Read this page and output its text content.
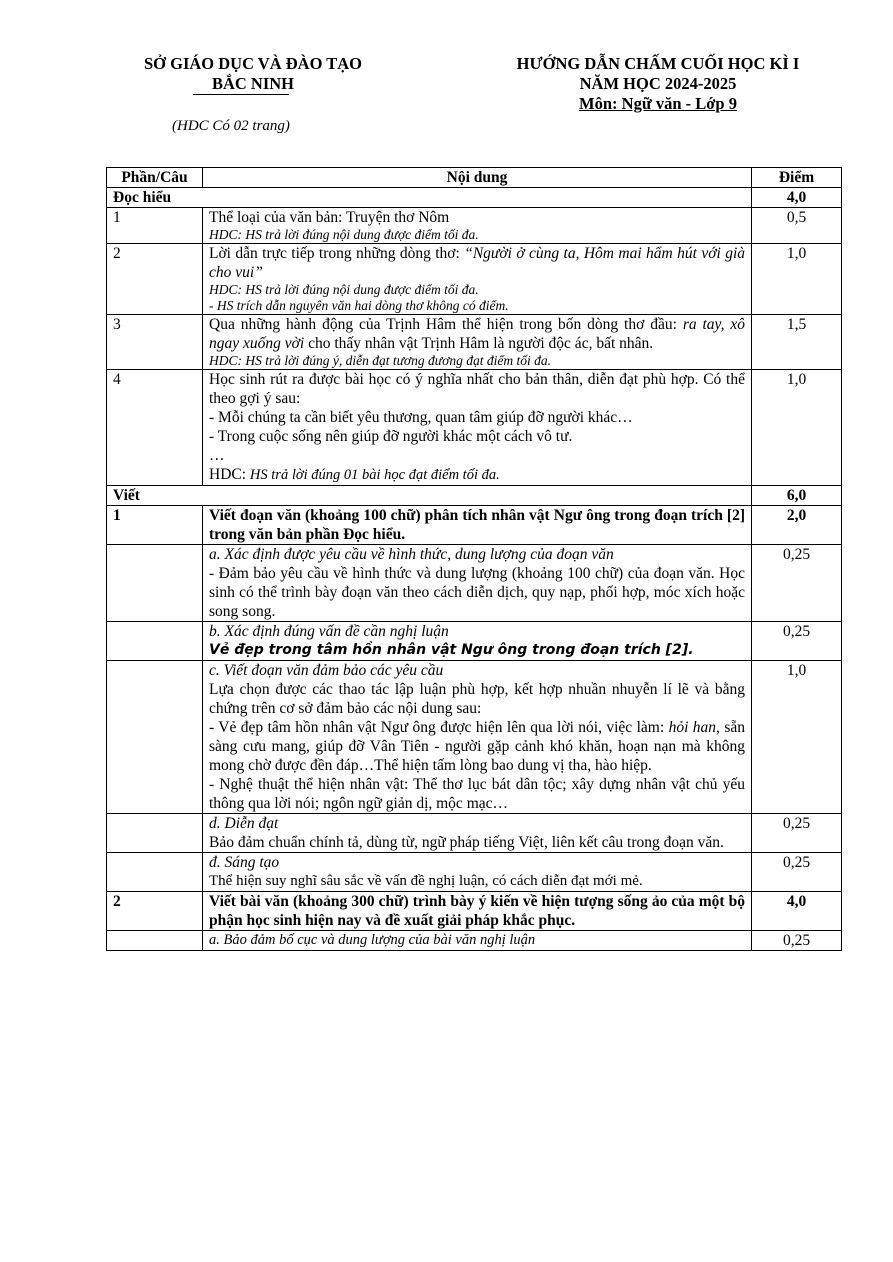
SỞ GIÁO DỤC VÀ ĐÀO TẠO
BẮC NINH
(HDC Có 02 trang)
HƯỚNG DẪN CHẤM CUỐI HỌC KÌ I
NĂM HỌC 2024-2025
Môn: Ngữ văn - Lớp 9
Phần/Câu	Nội dung	Điểm
Đọc hiểu		4,0
1	Thể loại của văn bản: Truyện thơ Nôm
HDC: HS trả lời đúng nội dung được điểm tối đa.	0,5
2	Lời dẫn trực tiếp trong những dòng thơ: “Người ở cùng ta, Hôm mai hẩm hút với già cho vui”
HDC: HS trả lời đúng nội dung được điểm tối đa.
- HS trích dẫn nguyên văn hai dòng thơ không có điểm.	1,0
3	Qua những hành động của Trịnh Hâm thể hiện trong bốn dòng thơ đầu: ra tay, xô ngay xuống vời cho thấy nhân vật Trịnh Hâm là người độc ác, bất nhân.
HDC: HS trả lời đúng ý, diễn đạt tương đương đạt điểm tối đa.	1,5
4	Học sinh rút ra được bài học có ý nghĩa nhất cho bản thân, diễn đạt phù hợp. Có thể theo gợi ý sau:
- Mỗi chúng ta cần biết yêu thương, quan tâm giúp đỡ người khác…
- Trong cuộc sống nên giúp đỡ người khác một cách vô tư.
…
HDC: HS trả lời đúng 01 bài học đạt điểm tối đa.	1,0
Viết		6,0
1	Viết đoạn văn (khoảng 100 chữ) phân tích nhân vật Ngư ông trong đoạn trích [2] trong văn bản phần Đọc hiểu.	2,0

	a. Xác định được yêu cầu về hình thức, dung lượng của đoạn văn
- Đảm bảo yêu cầu về hình thức và dung lượng (khoảng 100 chữ) của đoạn văn. Học sinh có thể trình bày đoạn văn theo cách diễn dịch, quy nạp, phối hợp, móc xích hoặc song song.	0,25

	b. Xác định đúng vấn đề cần nghị luận
Vẻ đẹp trong tâm hồn nhân vật Ngư ông trong đoạn trích [2].	0,25

	c. Viết đoạn văn đảm bảo các yêu cầu
Lựa chọn được các thao tác lập luận phù hợp, kết hợp nhuần nhuyễn lí lẽ và bằng chứng trên cơ sở đảm bảo các nội dung sau:
- Vẻ đẹp tâm hồn nhân vật Ngư ông được hiện lên qua lời nói, việc làm: hỏi han, sẵn sàng cưu mang, giúp đỡ Vân Tiên - người gặp cảnh khó khăn, hoạn nạn mà không mong chờ được đền đáp…Thể hiện tấm lòng bao dung vị tha, hào hiệp.
- Nghệ thuật thể hiện nhân vật: Thể thơ lục bát dân tộc; xây dựng nhân vật chủ yếu thông qua lời nói; ngôn ngữ giản dị, mộc mạc…	1,0

	d. Diễn đạt
Bảo đảm chuẩn chính tả, dùng từ, ngữ pháp tiếng Việt, liên kết câu trong đoạn văn.	0,25

	đ. Sáng tạo
Thể hiện suy nghĩ sâu sắc về vấn đề nghị luận, có cách diễn đạt mới mẻ.	0,25
2	Viết bài văn (khoảng 300 chữ) trình bày ý kiến về hiện tượng sống ảo của một bộ phận học sinh hiện nay và đề xuất giải pháp khắc phục.	4,0

	a. Bảo đảm bố cục và dung lượng của bài văn nghị luận	0,25
